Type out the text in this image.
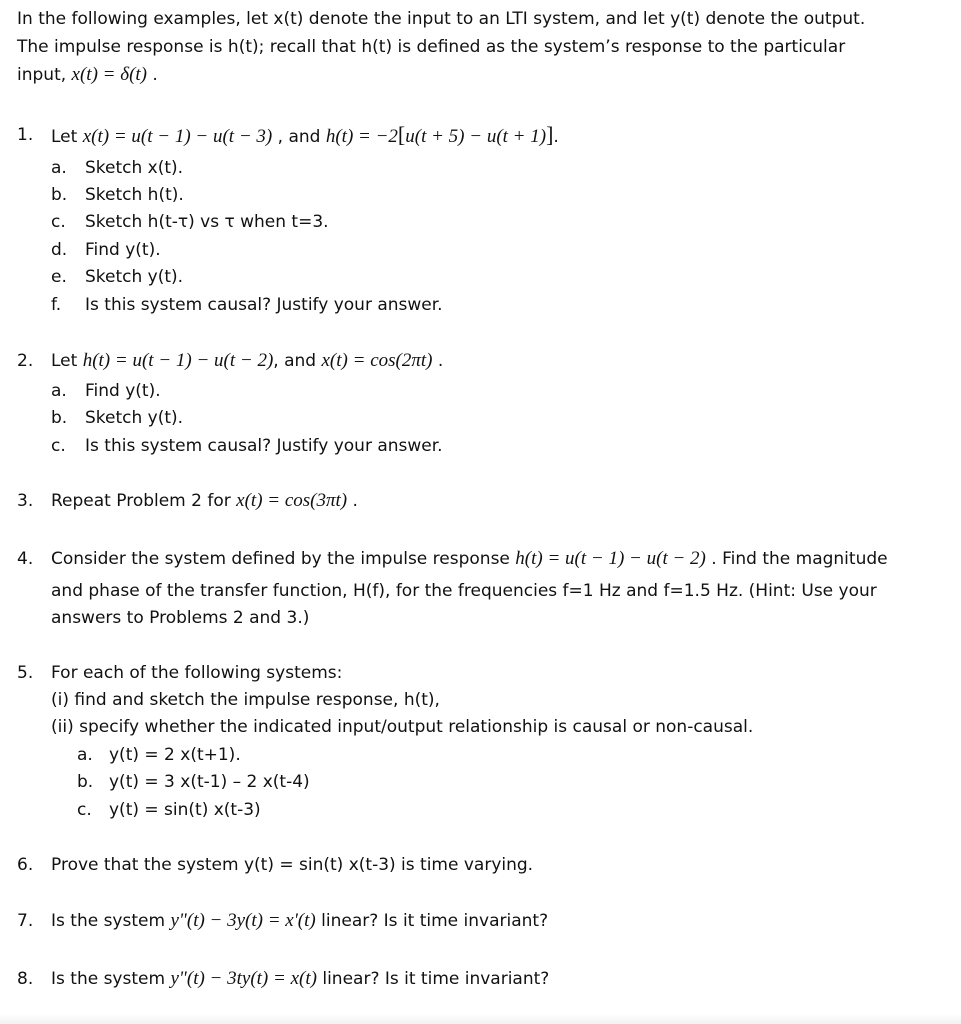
In the following examples, let x(t) denote the input to an LTI system, and let y(t) denote the output.
The impulse response is h(t); recall that h(t) is defined as the system’s response to the particular
input, x(t) = δ(t) .
1. Let x(t) = u(t − 1) − u(t − 3) , and h(t) = −2[u(t + 5) − u(t + 1)].
a. Sketch x(t).
b. Sketch h(t).
c. Sketch h(t-τ) vs τ when t=3.
d. Find y(t).
e. Sketch y(t).
f. Is this system causal? Justify your answer.
2. Let h(t) = u(t − 1) − u(t − 2), and x(t) = cos(2πt) .
a. Find y(t).
b. Sketch y(t).
c. Is this system causal? Justify your answer.
3. Repeat Problem 2 for x(t) = cos(3πt) .
4. Consider the system defined by the impulse response h(t) = u(t − 1) − u(t − 2) . Find the magnitude
and phase of the transfer function, H(f), for the frequencies f=1 Hz and f=1.5 Hz. (Hint: Use your
answers to Problems 2 and 3.)
5. For each of the following systems:
(i) find and sketch the impulse response, h(t),
(ii) specify whether the indicated input/output relationship is causal or non-causal.
a. y(t) = 2 x(t+1).
b. y(t) = 3 x(t-1) – 2 x(t-4)
c. y(t) = sin(t) x(t-3)
6. Prove that the system y(t) = sin(t) x(t-3) is time varying.
7. Is the system y"(t) − 3y(t) = x'(t) linear? Is it time invariant?
8. Is the system y"(t) − 3ty(t) = x(t) linear? Is it time invariant?
